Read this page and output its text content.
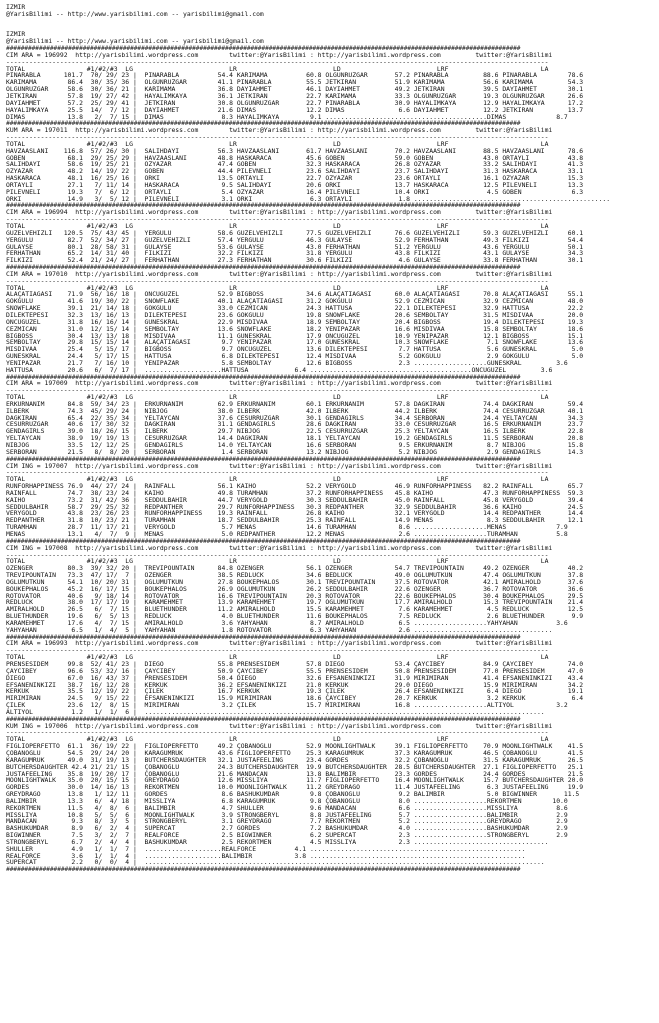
IZMIR
@YarisBilimi -- http://www.yarisbilimi.com -- yarisbilimi@gmail.com
IZMIR
@YarisBilimi -- http://www.yarisbilimi.com -- yarisbilimi@gmail.com
#############################################################################################################################################
CIM ARA = 196992  http://yarisbilimi.wordpress.com        twitter:@YarisBilimi : http://yarisbilimi.wordpress.com         twitter:@YarisBilimi
---------------------------------------------------------------------------------------------------------------------------------------------
TOTAL                #1/#2/#3  LG                         LR                         LD                         LRF                        LA
PINARABLA      101.7  70/ 29/ 23 |  PINARABLA          54.4 KARIMAMA          60.8 OLGUNRÜZGAR       57.2 PINARABLA         88.6 PINARABLA        78.6
KARIMAMA        86.4  30/ 35/ 36 |  OLGUNRÜZGAR        41.1 PINARABLA         55.5 JETKIRAN          51.9 KARIMAMA          56.6 KARIMAMA         54.3
OLGUNRÜZGAR     58.6  30/ 36/ 21 |  KARIMAMA           36.8 DAYIAHMET         46.1 DAYIAHMET         49.2 JETKIRAN          39.5 DAYIAHMET        30.1
JETKIRAN        57.8  19/ 27/ 42 |  HAYALIMKAYA        36.1 JETKIRAN          22.7 KARIMAMA          33.3 OLGUNRÜZGAR       19.3 OLGUNRÜZGAR      26.6
DAYIAHMET       57.2  25/ 29/ 41 |  JETKIRAN           30.8 OLGUNRÜZGAR       22.7 PINARABLA         30.9 HAYALIMKAYA       12.9 HAYALIMKAYA      17.2
HAYALIMKAYA     25.5  14/  7/ 12 |  DAYIAHMET          21.6 DIMAS             12.2 DIMAS              6.6 DAYIAHMET         12.2 JETKIRAN         13.7
DIMAS           13.8   2/  7/ 15 |  DIMAS               8.3 HAYALIMKAYA        9.1 ..........................................DIMAS             8.7
#############################################################################################################################################
KUM ARA = 197011  http://yarisbilimi.wordpress.com        twitter:@YarisBilimi : http://yarisbilimi.wordpress.com         twitter:@YarisBilimi
---------------------------------------------------------------------------------------------------------------------------------------------
TOTAL                #1/#2/#3  LG                         LR                         LD                         LRF                        LA
HAVZAASLANI    116.8  57/ 26/ 30 |  SALIHDAYI          56.3 HAVZAASLANI       61.7 HAVZAASLANI       70.2 HAVZAASLANI       88.5 HAVZAASLANI      78.6
GOBEN           68.1  29/ 25/ 29 |  HAVZAASLANI        48.8 HASKARACA         45.6 GOBEN             59.0 GOBEN             43.0 ORTAYLI          43.8
SALIHDAYI       58.6  19/ 25/ 21 |  ÖZYAZAR            47.4 GOBEN             32.3 HASKARACA         26.8 ÖZYAZAR           33.2 SALIHDAYI        41.3
ÖZYAZAR         48.2  14/ 19/ 22 |  GOBEN              44.4 PILEVNELI         23.6 SALIHDAYI         23.7 SALIHDAYI         31.3 HASKARACA        33.1
HASKARACA       48.1  16/ 25/ 16 |  ORKI               13.5 ORTAYLI           22.7 ÖZYAZAR           23.6 ORTAYLI           16.1 ÖZYAZAR          15.3
ORTAYLI         27.1   7/ 11/ 14 |  HASKARACA           9.5 SALIHDAYI         20.6 ORKI              13.7 HASKARACA         12.5 PILEVNELI        13.3
PILEVNELI       19.3   7/  6/ 12 |  ORTAYLI             5.4 ÖZYAZAR           16.4 PILEVNELI         10.4 ORKI               4.5 GOBEN             6.3
ORKI            14.9   3/  5/ 12 |  PILEVNELI           3.1 ORKI               6.3 ORTAYLI            1.8 ...................................................
#############################################################################################################################################
CIM ARA = 196994  http://yarisbilimi.wordpress.com        twitter:@YarisBilimi : http://yarisbilimi.wordpress.com         twitter:@YarisBilimi
---------------------------------------------------------------------------------------------------------------------------------------------
TOTAL                #1/#2/#3  LG                         LR                         LD                         LRF                        LA
GÜZELVEHIZLI   120.5  75/ 43/ 45 |  YERGÜLÜ            58.6 GÜZELVEHIZLI      77.5 GÜZELVEHIZLI      76.6 GÜZELVEHIZLI      59.3 GÜZELVEHIZLI     60.1
YERGÜLÜ         82.7  52/ 34/ 27 |  GÜZELVEHIZLI       57.4 YERGÜLÜ           46.3 GÜLAYSE           52.9 FERHATHAN         49.3 FILKIZI          54.4
GÜLAYSE         80.1  28/ 58/ 31 |  GÜLAYSE            53.6 GÜLAYSE           43.0 FERHATHAN         51.2 YERGÜLÜ           43.6 YERGÜLÜ          50.1
FERHATHAN       65.2  14/ 31/ 40 |  FILKIZI            32.2 FILKIZI           31.8 YERGÜLÜ           43.8 FILKIZI           43.1 GÜLAYSE          34.3
FILKIZI         52.4  21/ 24/ 27 |  FERHATHAN          27.3 FERHATHAN         30.6 FILKIZI            4.6 GÜLAYSE           33.8 FERHATHAN        30.1
#############################################################################################################################################
CIM ARA = 197010  http://yarisbilimi.wordpress.com        twitter:@YarisBilimi : http://yarisbilimi.wordpress.com         twitter:@YarisBilimi
---------------------------------------------------------------------------------------------------------------------------------------------
TOTAL                #1/#2/#3  LG                         LR                         LD                         LRF                        LA
ALAÇATIAGASI    71.9  56/ 16/ 18 |  ÖNCÜGÜZEL          52.9 BIGBOSS           34.6 ALAÇATIAGASI      60.0 ALAÇATIAGASI      70.8 ALAÇATIAGASI     55.1
GÖKGÜLÜ         41.6  19/ 30/ 22 |  SNOWFLAKE          40.1 ALAÇATIAGASI      31.2 GÖKGÜLÜ           52.9 CEZMICAN          32.9 CEZMICAN         48.0
SNOWFLAKE       39.1  21/ 14/ 18 |  GÖKGÜLÜ            33.0 CEZMICAN          24.3 HATTUSA           22.1 DILEKTEPESI       32.9 HATTUSA          22.2
DILEKTEPESI     32.3  13/ 16/ 13 |  DILEKTEPESI        23.6 GÖKGÜLÜ           19.8 SNOWFLAKE         20.6 SEMBOLTAY         31.5 MISDIVAA         20.0
ÖNCÜGÜZEL       31.8  16/ 16/ 14 |  GÜNESKRAL          22.9 MISDIVAA          18.9 SEMBOLTAY         20.4 BIGBOSS           19.4 DILEKTEPESI      19.3
CEZMICAN        31.0  12/ 15/ 14 |  SEMBOLTAY          13.6 SNOWFLAKE         18.2 YENIPAZAR         16.6 MISDIVAA          15.8 SEMBOLTAY        18.6
BIGBOSS         30.4  13/ 13/ 18 |  MISDIVAA           11.1 GÜNESKRAL         17.9 ÖNCÜGÜZEL         10.9 YENIPAZAR         12.1 BIGBOSS          15.1
SEMBOLTAY       29.8  15/ 15/ 14 |  ALAÇATIAGASI        9.7 YENIPAZAR         17.0 GÜNESKRAL         10.3 SNOWFLAKE          7.1 SNOWFLAKE        13.6
MISDIVAA        25.4   5/ 15/ 17 |  BIGBOSS             9.7 ÖNCÜGÜZEL         13.6 DILEKTEPESI        7.7 HATTUSA            5.6 GÜNESKRAL         5.0
GÜNESKRAL       24.4   5/ 17/ 15 |  HATTUSA             6.8 DILEKTEPESI       12.4 MISDIVAA           5.2 GÖKGÜLÜ            2.9 GÖKGÜLÜ           5.0
YENIPAZAR       21.7   7/ 16/ 10 |  YENIPAZAR           5.8 SEMBOLTAY         12.6 BIGBOSS            2.3 ...................GÜNESKRAL         3.6
HATTUSA         20.6   6/  7/ 17 |  ....................HATTUSA            6.4 ..........................................ÖNCÜGÜZEL         3.6
#############################################################################################################################################
CIM ARA = 197009  http://yarisbilimi.wordpress.com        twitter:@YarisBilimi : http://yarisbilimi.wordpress.com         twitter:@YarisBilimi
---------------------------------------------------------------------------------------------------------------------------------------------
TOTAL                #1/#2/#3  LG                         LR                         LD                         LRF                        LA
ERKURNANIM      84.8  59/ 34/ 23 |  ERKURNANIM         62.9 ERKURNANIM        60.1 ERKURNANIM        57.8 DAGKIRAN          74.4 DAGKIRAN         59.4
ILBERK          74.3  45/ 29/ 24 |  NIBJOG             38.0 ILBERK            42.0 ILBERK            44.2 ILBERK            74.4 CESURRÜZGAR      40.1
DAGKIRAN        65.4  22/ 35/ 34 |  YELTAYCAN          37.6 CESURRÜZGAR       30.1 GENDAGIRLS        34.4 SERBORAN          24.4 YELTAYCAN        34.3
CESURRÜZGAR     40.6  17/ 30/ 32 |  DAGKIRAN           31.1 GENDAGIRLS        28.6 DAGKIRAN          33.0 CESURRÜZGAR       16.5 ERKURNANIM       23.7
GENDAGIRLS      39.0  18/ 26/ 15 |  ILBERK             29.7 NIBJOG            22.5 CESURRÜZGAR       25.3 YELTAYCAN         16.5 ILBERK           22.8
YELTAYCAN       38.9  19/ 19/ 13 |  CESURRÜZGAR        14.4 DAGKIRAN          18.1 YELTAYCAN         19.2 GENDAGIRLS        11.5 SERBORAN         20.8
NIBJOG          33.5  12/ 12/ 25 |  GENDAGIRLS         14.0 YELTAYCAN         16.6 SERBORAN           9.5 ERKURNANIM         8.7 NIBJOG           15.8
SERBORAN        21.5   8/  8/ 20 |  SERBORAN            1.4 SERBORAN          13.2 NIBJOG             5.2 NIBJOG             2.9 GENDAGIRLS       14.3
#############################################################################################################################################
CIM ING = 197007  http://yarisbilimi.wordpress.com        twitter:@YarisBilimi : http://yarisbilimi.wordpress.com         twitter:@YarisBilimi
---------------------------------------------------------------------------------------------------------------------------------------------
TOTAL                #1/#2/#3  LG                         LR                         LD                         LRF                        LA
RUNFORHAPPINESS 76.9  44/ 27/ 24 |  RAINFALL           56.1 KAIHO             52.2 VERYGOLD          46.9 RUNFORHAPPINESS   82.2 RAINFALL         65.7
RAINFALL        74.7  38/ 23/ 24 |  KAIHO              49.8 TURAMHAN          37.2 RUNFORHAPPINESS   45.8 KAIHO             47.3 RUNFORHAPPINESS  59.3
KAIHO           73.2  31/ 42/ 36 |  SEDDÜLBAHIR        44.7 VERYGOLD          30.3 SEDDÜLBAHIR       45.0 RAINFALL          45.8 VERYGOLD         39.4
SEDDÜLBAHIR     58.7  29/ 25/ 32 |  REDPANTHER         29.7 RUNFORHAPPINESS   30.3 REDPANTHER        32.9 SEDDÜLBAHIR       36.6 KAIHO            24.5
VERYGOLD        43.8  23/ 26/ 23 |  RUNFORHAPPINESS    19.3 RAINFALL          26.8 KAIHO             32.1 VERYGOLD          14.4 REDPANTHER       14.4
REDPANTHER      31.8  10/ 23/ 21 |  TURAMHAN           18.7 SEDDÜLBAHIR       25.3 RAINFALL          14.9 MENAS              8.3 SEDDÜLBAHIR      12.1
TURAMHAN        28.7  11/ 17/ 21 |  VERYGOLD            5.7 MENAS             14.6 TURAMHAN           8.6 ...................MENAS             7.9
MENAS           13.1   4/  7/  9 |  MENAS               5.0 REDPANTHER        12.2 MENAS              2.6 ...................TURAMHAN          5.8
#############################################################################################################################################
CIM ING = 197008  http://yarisbilimi.wordpress.com        twitter:@YarisBilimi : http://yarisbilimi.wordpress.com         twitter:@YarisBilimi
---------------------------------------------------------------------------------------------------------------------------------------------
TOTAL                #1/#2/#3  LG                         LR                         LD                         LRF                        LA
ÖZENGER         80.3  39/ 32/ 20 |  TREVIPOUNTAIN      84.8 ÖZENGER           56.1 ÖZENGER           54.7 TREVIPOUNTAIN     49.2 ÖZENGER          40.2
TREVIPOUNTAIN   73.3  47/ 17/  7 |  ÖZENGER            38.5 REDLUCK           34.6 BEDLUCK           49.0 OGLUMUTKUN        47.4 OGLUMUTKUN       37.8
OGLUMUTKUN      54.1  10/ 20/ 31 |  OGLUMUTKUN         27.8 BOUKEPHALOS       30.1 TREVIPOUNTAIN     37.5 ROTOVATÖR         42.1 AMIRALHOLD       37.6
BOUKEPHALOS     45.2  16/ 17/ 15 |  BOUKEPHALOS        26.9 OGLUMUTKUN        26.2 SEDDÜLBAHIR       22.6 ÖZENGER           36.7 ROTOVATÖR        36.6
ROTOVATÖR       40.6   9/ 18/ 14 |  ROTOVATÖR          16.6 TREVIPOUNTAIN     20.3 ROTOVATÖR         22.6 BOUKEPHALOS       30.4 BOUKEPHALOS      29.5
REDLUCK         38.0  17/ 17/ 19 |  KARAMEHMET         13.9 KARAMEHMET        19.7 OGLUMUTKUN        17.7 AMIRALHOLD        15.3 TREVIPOUNTAIN    21.4
AMIRALHOLD      26.5   6/  7/ 15 |  BLUETHUNDER        11.2 AMIRALHOLD        15.5 KARAMEHMET         7.6 KARAMEHMET         4.5 REDLUCK          12.5
BLUETHUNDER     19.6   6/  5/ 13 |  REDLUCK             4.0 BLUETHUNDER       11.6 BOUKEPHALOS        7.5 REDLUCK            2.6 BLUETHUNDER       9.9
KARAMEHMET      17.6   4/  7/ 15 |  AMIRALHOLD          3.6 YAHYAHAN           8.7 AMIRALHOLD         6.5 ...................YAHYAHAN          3.6
YAHYAHAN         6.5   1/  4/  5 |  YAHYAHAN            1.8 ROTOVATÖR          6.3 YAHYAHAN           2.6 ....................................
#############################################################################################################################################
CIM ARA = 196993  http://yarisbilimi.wordpress.com        twitter:@YarisBilimi : http://yarisbilimi.wordpress.com         twitter:@YarisBilimi
---------------------------------------------------------------------------------------------------------------------------------------------
TOTAL                #1/#2/#3  LG                         LR                         LD                         LRF                        LA
PRENSESIDEM     99.8  52/ 41/ 23 |  DIEGO              55.8 PRENSESIDEM       57.8 DIEGO             53.4 ÇAYCIBEY          84.9 ÇAYCIBEY         74.0
ÇAYCIBEY        96.6  53/ 32/ 16 |  ÇAYCIBEY           50.9 ÇAYCIBEY          55.5 PRENSESIDEM       50.8 PRENSESIDEM       77.0 PRENSESIDEM      47.0
DIEGO           67.0  16/ 43/ 37 |  PRENSESIDEM        50.4 DIEGO             32.6 EFSANENINKIZI     31.9 MIRIMIRAN         41.4 EFSANENINKIZI    43.4
EFSANENINKIZI   38.7  16/ 12/ 28 |  KERKÜK             36.2 EFSANENINKIZI     21.0 KERKÜK            29.0 DIEGO             15.9 MIRIMIRAN        34.2
KERKÜK          35.5  12/ 19/ 22 |  ÇILEK              16.7 KERKÜK            19.3 ÇILEK             26.4 EFSANENINKIZI      6.4 DIEGO            19.1
MIRIMIRAN       24.5   9/ 15/ 22 |  EFSANENINKIZI      15.9 MIRIMIRAN         18.6 ÇAYCIBEY          20.7 KERKÜK             3.2 KERKÜK            6.4
ÇILEK           23.6  12/  8/ 15 |  MIRIMIRAN           3.2 ÇILEK             15.7 MIRIMIRAN         16.8 ...................ALTIYOL           3.2
ALTIYOL          1.2   1/  1/  6 |  ........................................................................................................
#############################################################################################################################################
KUM ING = 197006  http://yarisbilimi.wordpress.com        twitter:@YarisBilimi : http://yarisbilimi.wordpress.com         twitter:@YarisBilimi
---------------------------------------------------------------------------------------------------------------------------------------------
TOTAL                #1/#2/#3  LG                         LR                         LD                         LRF                        LA
FIGLIOPERFETTO  61.1  36/ 19/ 22 |  FIGLIOPERFETTO     49.2 ÇOBANOGLU         52.9 MOONLIGHTWALK     39.1 FIGLIOPERFETTO    70.9 MOONLIGHTWALK    41.5
ÇOBANOGLU       54.5  29/ 24/ 20 |  KARAGÜMRÜK         43.6 FIGLIOPERFETTO    25.3 KARAGÜMRÜK        37.3 KARAGÜMRÜK        46.5 ÇOBANOGLU        41.5
KARAGÜMRÜK      49.0  31/ 19/ 13 |  BUTCHERSDAUGHTER   32.1 JUSTAFEELING      23.4 GÖRDES            32.2 ÇOBANOGLU         31.5 KARAGÜMRÜK       26.5
BUTCHERSDAUGHTER 42.4 21/ 21/ 15 |  ÇOBANOGLU          24.3 BUTCHERSDAUGHTER  19.9 BUTCHERSDAUGHTER  28.5 BUTCHERSDAUGHTER  27.1 FIGLIOPERFETTO   25.1
JUSTAFEELING    35.8  19/ 20/ 17 |  ÇOBANOGLU          21.6 MANDACAN          13.8 BALIMBIR          23.3 GÖRDES            24.4 GÖRDES           21.5
MOONLIGHTWALK   35.0  20/ 15/ 15 |  GREYDRAGO          12.6 MISSLIYA          11.7 FIGLIOPERFETTO    16.4 MOONLIGHTWALK     15.7 BUTCHERSDAUGHTER 20.0
GÖRDES          30.0  14/ 16/ 13 |  REKORTMEN          10.0 MOONLIGHTWALK     11.2 GREYDRAGO         11.4 JUSTAFEELING       6.3 JUSTAFEELING     19.9
GREYDRAGO       13.8   1/ 12/ 11 |  GÖRDES              8.6 BASHÜKÜMDAR        9.8 ÇOBANOGLU          9.2 BALIMBIR           5.0 BIGWINNER       11.5
BALIMBIR        13.3   6/  4/ 18 |  MISSLIYA            6.8 KARAGÜMRÜK         9.8 ÇOBANOGLU          8.0 ...................REKORTMEN        10.0
REKORTMEN       11.5   4/  8/  6 |  BALIMBIR            4.7 SHULLER            9.6 MANDACAN           6.6 ...................MISSLIYA          8.6
MISSLIYA        10.8   5/  5/  6 |  MOONLIGHTWALK       3.9 STRONGBERYL        8.8 JUSTAFEELING       5.7 ...................BALIMBIR          2.9
MANDACAN         9.3   8/  3/  5 |  STRONGBERYL         3.1 GREYDRAGO          7.7 REKORTMEN          5.2 ...................GREYDRAGO         2.9
BASHÜKÜMDAR      8.9   6/  2/  4 |  SUPERCAT            2.7 GÖRDES             7.2 BASHÜKÜMDAR        4.0 ...................BASHÜKÜMDAR       2.9
BIGWINNER        7.5   3/  2/  7 |  REALFORCE           2.5 BIGWINNER          6.2 SUPERCAT           2.3 ...................STRONGBERYL       2.9
STRONGBERYL      6.7   2/  4/  4 |  BASHÜKÜMDAR         2.5 REKORTMEN          4.5 MISSLIYA           2.3 ...................................
SHULLER          4.9   1/  1/  7 |  ....................REALFORCE          4.1 ........................................................
REALFORCE        3.6   1/  1/  4 |  ....................BALIMBIR           3.8 ........................................................
SUPERCAT         2.2   0/  0/  4 |  ........................................................................................................
#############################################################################################################################################
